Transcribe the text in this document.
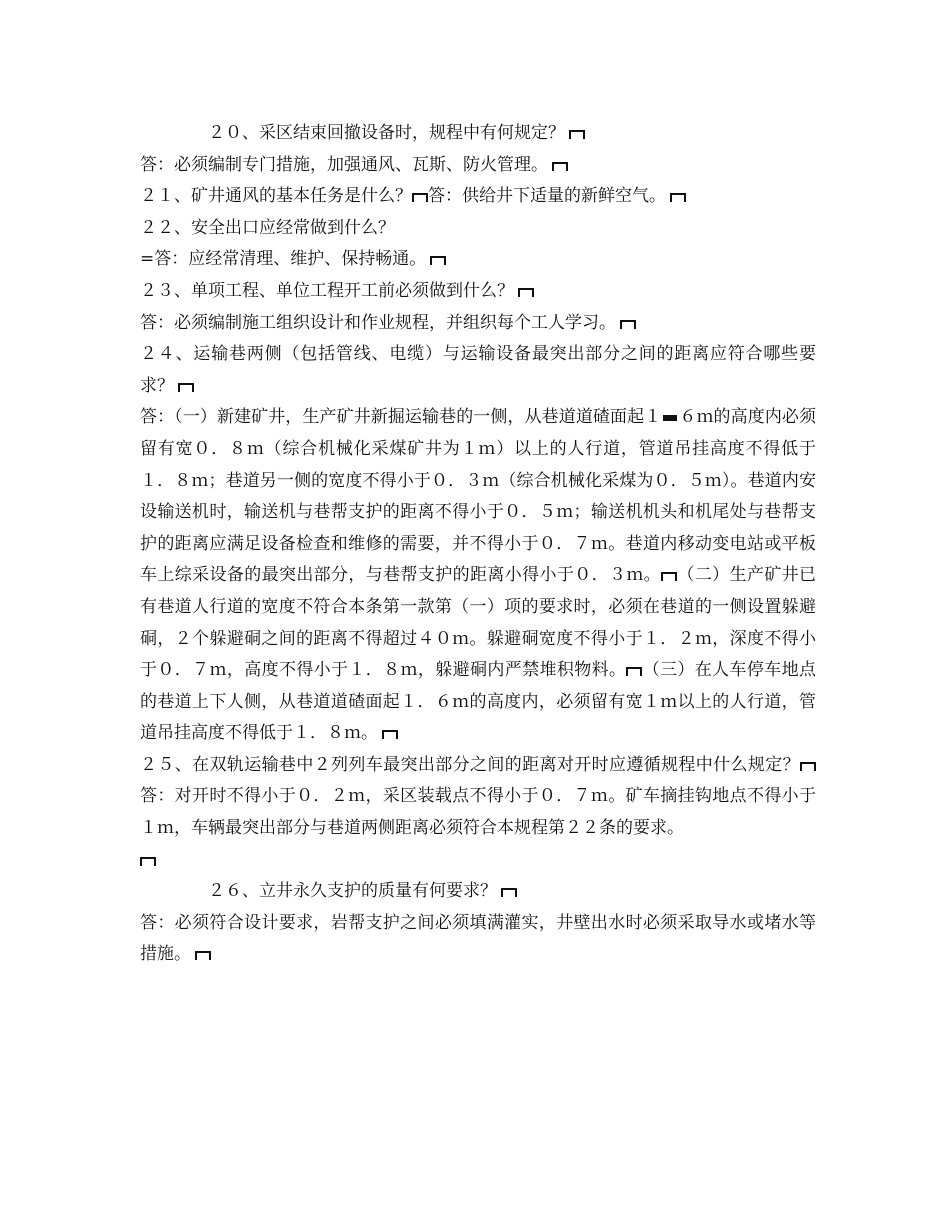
２０、采区结束回撤设备时，规程中有何规定？

答：必须编制专门措施，加强通风、瓦斯、防火管理。

２１、矿井通风的基本任务是什么？ 答：供给井下适量的新鲜空气。

２２、安全出口应经常做到什么？

=答：应经常清理、维护、保持畅通。

２３、单项工程、单位工程开工前必须做到什么？

答：必须编制施工组织设计和作业规程，并组织每个工人学习。

２４、运输巷两侧（包括管线、电缆）与运输设备最突出部分之间的距离应符合哪些要求？

答：（一）新建矿井，生产矿井新掘运输巷的一侧，从巷道道碴面起１ ６ｍ的高度内必须留有宽０．８ｍ（综合机械化采煤矿井为１ｍ）以上的人行道，管道吊挂高度不得低于１．８ｍ；巷道另一侧的宽度不得小于０．３ｍ（综合机械化采煤为０．５ｍ）。巷道内安设输送机时，输送机与巷帮支护的距离不得小于０．５ｍ；输送机机头和机尾处与巷帮支护的距离应满足设备检查和维修的需要，并不得小于０．７ｍ。巷道内移动变电站或平板车上综采设备的最突出部分，与巷帮支护的距离小得小于０．３ｍ。 （二）生产矿井已有巷道人行道的宽度不符合本条第一款第（一）项的要求时，必须在巷道的一侧设置躲避硐，２个躲避硐之间的距离不得超过４０ｍ。躲避硐宽度不得小于１．２ｍ，深度不得小于０．７ｍ，高度不得小于１．８ｍ，躲避硐内严禁堆积物料。 （三）在人车停车地点的巷道上下人侧，从巷道道碴面起１．６ｍ的高度内，必须留有宽１ｍ以上的人行道，管道吊挂高度不得低于１．８ｍ。

２５、在双轨运输巷中２列列车最突出部分之间的距离对开时应遵循规程中什么规定？答：对开时不得小于０．２ｍ，采区装载点不得小于０．７ｍ。矿车摘挂钩地点不得小于１ｍ，车辆最突出部分与巷道两侧距离必须符合本规程第２２条的要求。

２６、立井永久支护的质量有何要求？

答：必须符合设计要求，岩帮支护之间必须填满灌实，井壁出水时必须采取导水或堵水等措施。
